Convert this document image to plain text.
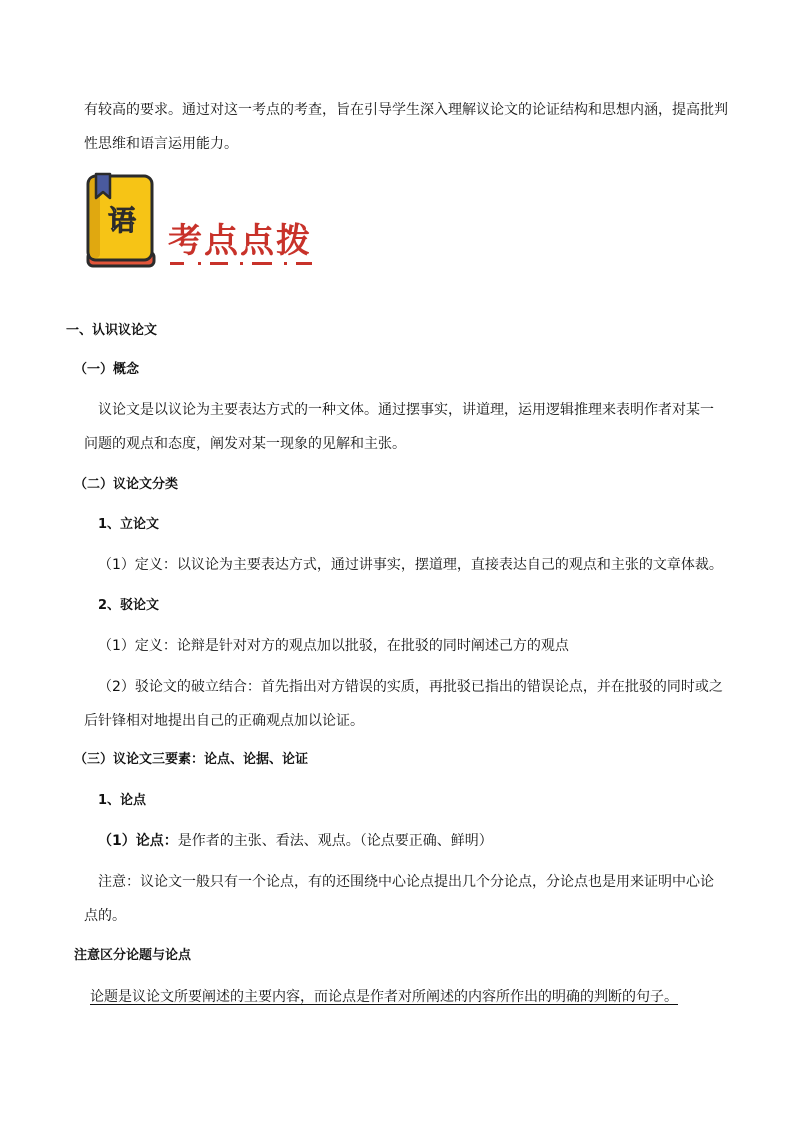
有较高的要求。通过对这一考点的考查，旨在引导学生深入理解议论文的论证结构和思想内涵，提高批判
性思维和语言运用能力。
语
考点点拨
一、认识议论文
（一）概念
议论文是以议论为主要表达方式的一种文体。通过摆事实，讲道理，运用逻辑推理来表明作者对某一
问题的观点和态度，阐发对某一现象的见解和主张。
（二）议论文分类
1、立论文
（1）定义：以议论为主要表达方式，通过讲事实，摆道理，直接表达自己的观点和主张的文章体裁。
2、驳论文
（1）定义：论辩是针对对方的观点加以批驳，在批驳的同时阐述己方的观点
（2）驳论文的破立结合：首先指出对方错误的实质，再批驳已指出的错误论点，并在批驳的同时或之
后针锋相对地提出自己的正确观点加以论证。
（三）议论文三要素：论点、论据、论证
1、论点
（1）论点：是作者的主张、看法、观点。（论点要正确、鲜明）
注意：议论文一般只有一个论点，有的还围绕中心论点提出几个分论点，分论点也是用来证明中心论
点的。
注意区分论题与论点
论题是议论文所要阐述的主要内容，而论点是作者对所阐述的内容所作出的明确的判断的句子。
